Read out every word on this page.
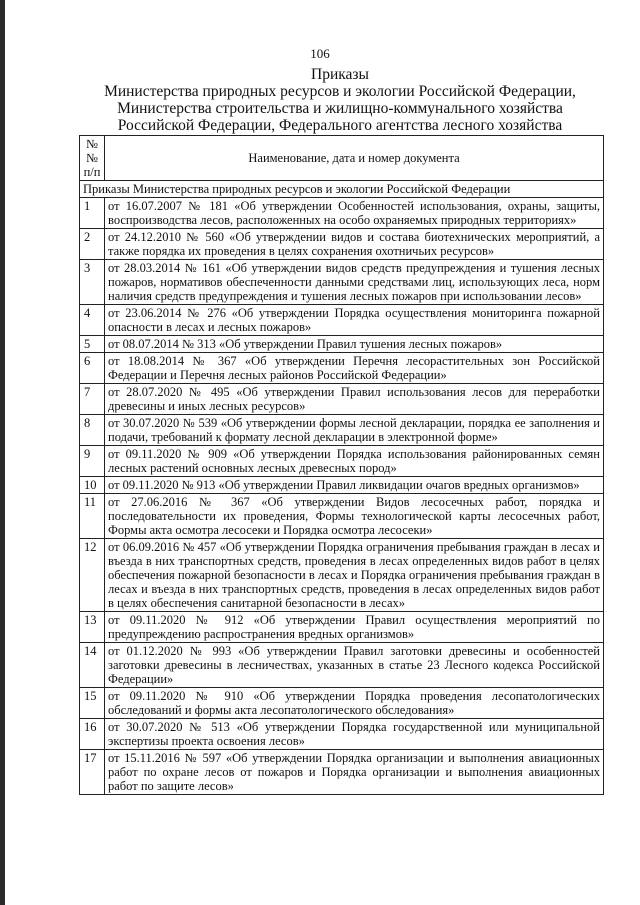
106
Приказы
Министерства природных ресурсов и экологии Российской Федерации,
Министерства строительства и жилищно-коммунального хозяйства
Российской Федерации, Федерального агентства лесного хозяйства
№№ п/п	Наименование, дата и номер документа
Приказы Министерства природных ресурсов и экологии Российской Федерации	
1	от 16.07.2007 № 181 «Об утверждении Особенностей использования, охраны, защиты, воспроизводства лесов, расположенных на особо охраняемых природных территориях»
2	от 24.12.2010 № 560 «Об утверждении видов и состава биотехнических мероприятий, а также порядка их проведения в целях сохранения охотничьих ресурсов»
3	от 28.03.2014 № 161 «Об утверждении видов средств предупреждения и тушения лесных пожаров, нормативов обеспеченности данными средствами лиц, использующих леса, норм наличия средств предупреждения и тушения лесных пожаров при использовании лесов»
4	от 23.06.2014 № 276 «Об утверждении Порядка осуществления мониторинга пожарной опасности в лесах и лесных пожаров»
5	от 08.07.2014 № 313 «Об утверждении Правил тушения лесных пожаров»
6	от 18.08.2014 № 367 «Об утверждении Перечня лесорастительных зон Российской Федерации и Перечня лесных районов Российской Федерации»
7	от 28.07.2020 № 495 «Об утверждении Правил использования лесов для переработки древесины и иных лесных ресурсов»
8	от 30.07.2020 № 539 «Об утверждении формы лесной декларации, порядка ее заполнения и подачи, требований к формату лесной декларации в электронной форме»
9	от 09.11.2020 № 909 «Об утверждении Порядка использования районированных семян лесных растений основных лесных древесных пород»
10	от 09.11.2020 № 913 «Об утверждении Правил ликвидации очагов вредных организмов»
11	от 27.06.2016 № 367 «Об утверждении Видов лесосечных работ, порядка и последовательности их проведения, Формы технологической карты лесосечных работ, Формы акта осмотра лесосеки и Порядка осмотра лесосеки»
12	от 06.09.2016 № 457 «Об утверждении Порядка ограничения пребывания граждан в лесах и въезда в них транспортных средств, проведения в лесах определенных видов работ в целях обеспечения пожарной безопасности в лесах и Порядка ограничения пребывания граждан в лесах и въезда в них транспортных средств, проведения в лесах определенных видов работ в целях обеспечения санитарной безопасности в лесах»
13	от 09.11.2020 № 912 «Об утверждении Правил осуществления мероприятий по предупреждению распространения вредных организмов»
14	от 01.12.2020 № 993 «Об утверждении Правил заготовки древесины и особенностей заготовки древесины в лесничествах, указанных в статье 23 Лесного кодекса Российской Федерации»
15	от 09.11.2020 № 910 «Об утверждении Порядка проведения лесопатологических обследований и формы акта лесопатологического обследования»
16	от 30.07.2020 № 513 «Об утверждении Порядка государственной или муниципальной экспертизы проекта освоения лесов»
17	от 15.11.2016 № 597 «Об утверждении Порядка организации и выполнения авиационных работ по охране лесов от пожаров и Порядка организации и выполнения авиационных работ по защите лесов»
